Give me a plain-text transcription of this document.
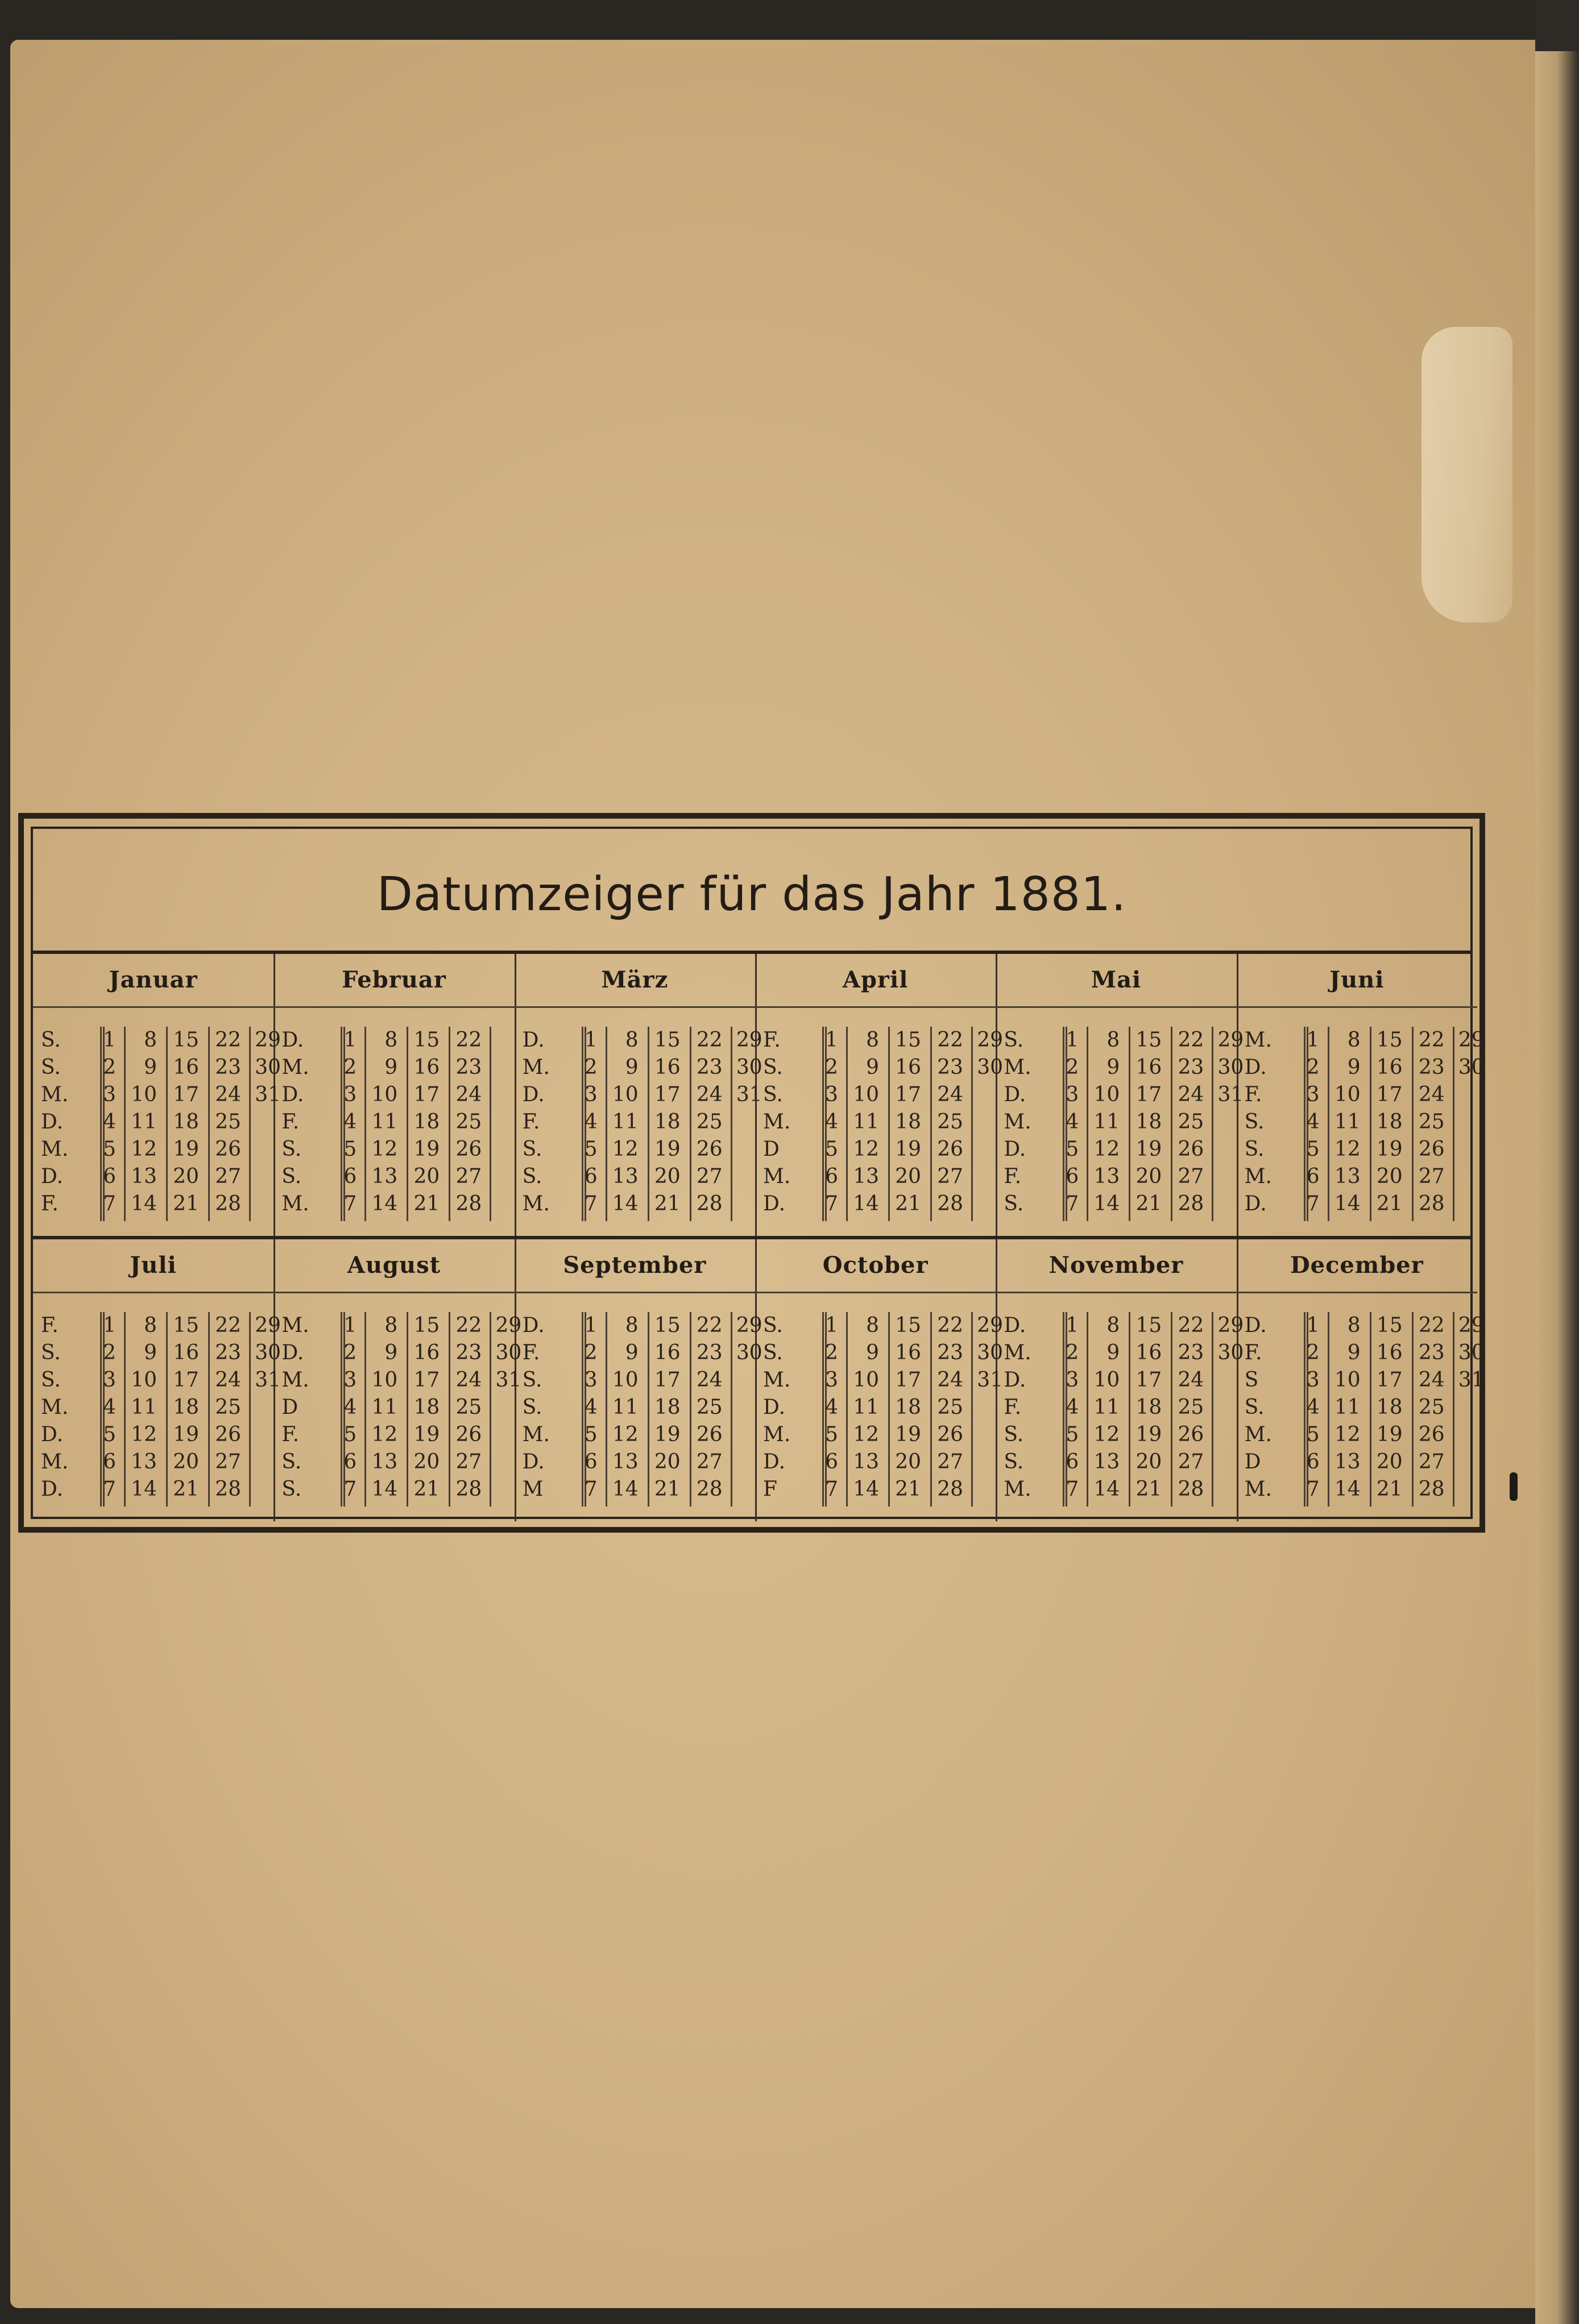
Datumzeiger für das Jahr 1881.
Januar
S.	1	8 15 22 29
S.	2	9 16 23 30
M.	3 10 17 24 31
D.	4 11 18 25
M.	5 12 19 26
D.	6 13 20 27
F.	7 14 21 28
Februar
D.	1	8 15 22
M.	2	9 16 23
D.	3 10 17 24
F.	4 11 18 25
S.	5 12 19 26
S.	6 13 20 27
M.	7 14 21 28
März
D.	1	8 15 22 29
M.	2	9 16 23 30
D.	3 10 17 24 31
F.	4 11 18 25
S.	5 12 19 26
S.	6 13 20 27
M.	7 14 21 28
April
F.	1	8 15 22 29
S.	2	9 16 23 30
S.	3 10 17 24
M.	4 11 18 25
D	5 12 19 26
M.	6 13 20 27
D.	7 14 21 28
Mai
S.	1	8 15 22 29
M.	2	9 16 23 30
D.	3 10 17 24 31
M.	4 11 18 25
D.	5 12 19 26
F.	6 13 20 27
S.	7 14 21 28
Juni
M.	1	8 15 22 29
D.	2	9 16 23 30
F.	3 10 17 24
S.	4 11 18 25
S.	5 12 19 26
M.	6 13 20 27
D.	7 14 21 28
Juli
F.	1	8 15 22 29
S.	2	9 16 23 30
S.	3 10 17 24 31
M.	4 11 18 25
D.	5 12 19 26
M.	6 13 20 27
D.	7 14 21 28
August
M.	1	8 15 22 29
D.	2	9 16 23 30
M.	3 10 17 24 31
D	4 11 18 25
F.	5 12 19 26
S.	6 13 20 27
S.	7 14 21 28
September
D.	1	8 15 22 29
F.	2	9 16 23 30
S.	3 10 17 24
S.	4 11 18 25
M.	5 12 19 26
D.	6 13 20 27
M	7 14 21 28
October
S.	1	8 15 22 29
S.	2	9 16 23 30
M.	3 10 17 24 31
D.	4 11 18 25
M.	5 12 19 26
D.	6 13 20 27
F	7 14 21 28
November
D.	1	8 15 22 29
M.	2	9 16 23 30
D.	3 10 17 24
F.	4 11 18 25
S.	5 12 19 26
S.	6 13 20 27
M.	7 14 21 28
December
D.	1	8 15 22 29
F.	2	9 16 23 30
S	3 10 17 24 31
S.	4 11 18 25
M.	5 12 19 26
D	6 13 20 27
M.	7 14 21 28
